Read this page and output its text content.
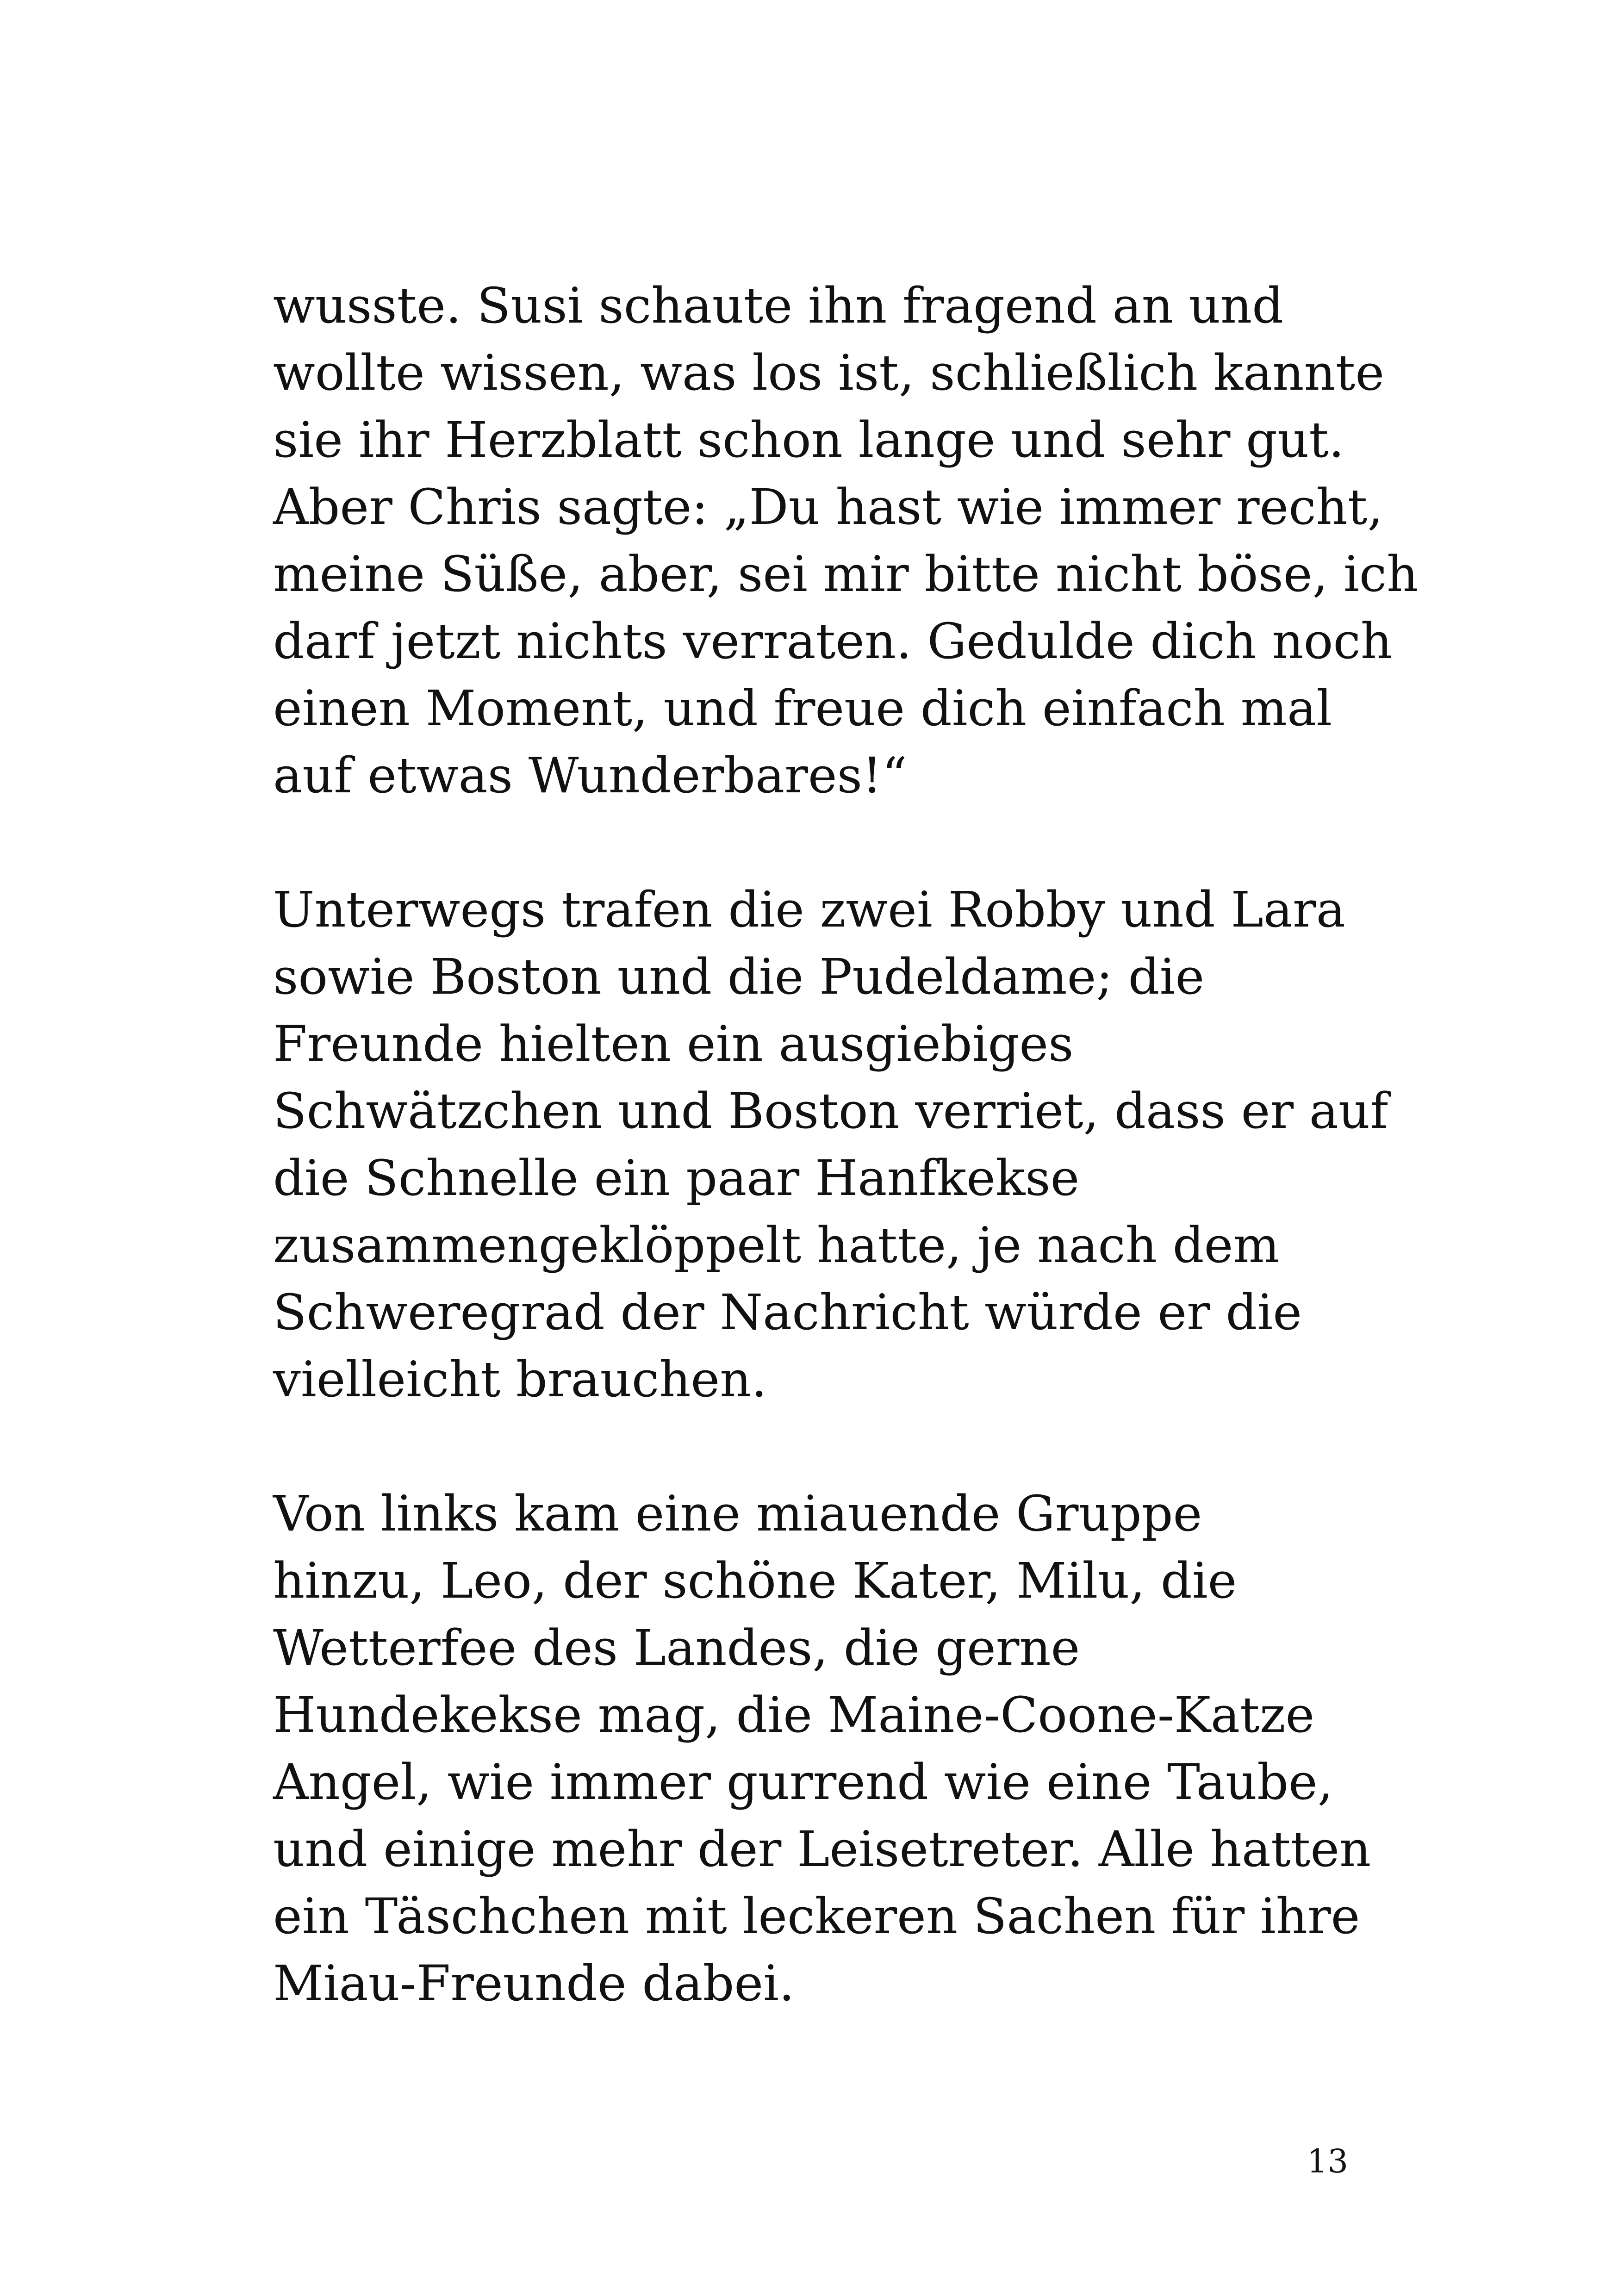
wusste. Susi schaute ihn fragend an und
wollte wissen, was los ist, schließlich kannte
sie ihr Herzblatt schon lange und sehr gut.
Aber Chris sagte: „Du hast wie immer recht,
meine Süße, aber, sei mir bitte nicht böse, ich
darf jetzt nichts verraten. Gedulde dich noch
einen Moment, und freue dich einfach mal
auf etwas Wunderbares!“

Unterwegs trafen die zwei Robby und Lara
sowie Boston und die Pudeldame; die
Freunde hielten ein ausgiebiges
Schwätzchen und Boston verriet, dass er auf
die Schnelle ein paar Hanfkekse
zusammengeklöppelt hatte, je nach dem
Schweregrad der Nachricht würde er die
vielleicht brauchen.

Von links kam eine miauende Gruppe
hinzu, Leo, der schöne Kater, Milu, die
Wetterfee des Landes, die gerne
Hundekekse mag, die Maine-Coone-Katze
Angel, wie immer gurrend wie eine Taube,
und einige mehr der Leisetreter. Alle hatten
ein Täschchen mit leckeren Sachen für ihre
Miau-Freunde dabei.

13
